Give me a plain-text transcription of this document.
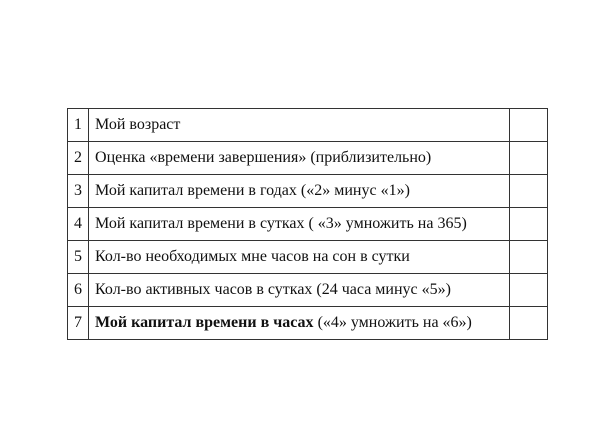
1	Мой возраст	
2	Оценка «времени завершения» (приблизительно)	
3	Мой капитал времени в годах («2» минус «1»)	
4	Мой капитал времени в сутках ( «3» умножить на 365)	
5	Кол-во необходимых мне часов на сон в сутки	
6	Кол-во активных часов в сутках (24 часа минус «5»)	
7	Мой капитал времени в часах («4» умножить на «6»)	
